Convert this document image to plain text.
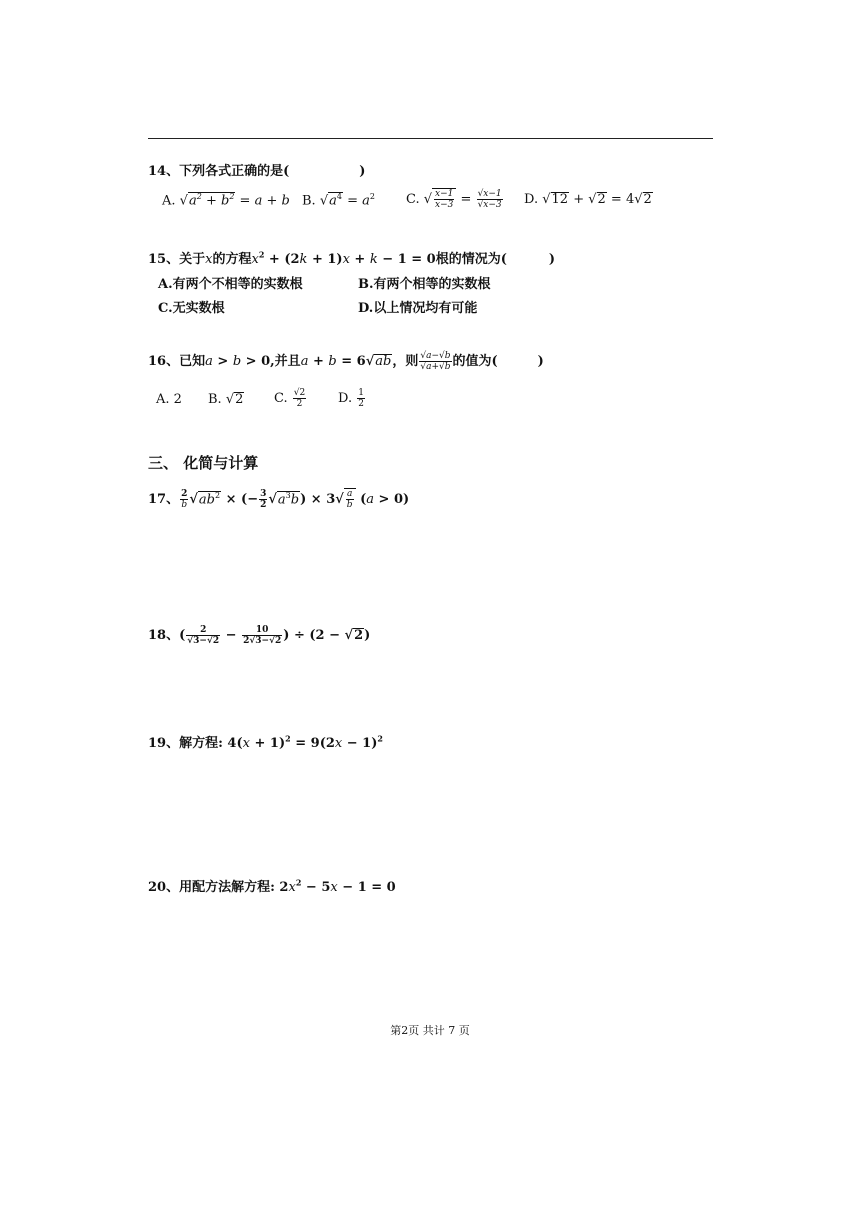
14、下列各式正确的是(	)
A. $√a^2 + b^2 = a + b$ B. $√a^4 = a^2$ C. √ $\frac{x-1}{x-3} = \frac{√x-1}{√x-3} D$. √12 + √2 = 4√2
15、关于x的方程$x^2 + (2k + 1)x + k - 1 = 0$根的情况为(	)
A.有两个不相等的实数根	B.有两个相等的实数根
C.无实数根	D.以上情况均有可能
16、已知a > b > 0,并且a + b = 6√ab，则 $\frac{√a-√b}{√a+√b}$ 的值为(	)
A. 2 B. √2 C. $\frac{√2}{2} D$. $\frac{1}{2}$
三、 化简与计算
17、 $\frac{2}{b} √ab^2$ × (− $\frac{3}{2} √a^3b) \times 3√ \frac{a}{b} (a > 0)$
18、( $\frac{2}{√3-√2} - \frac{10}{2√3-√2}$ ) ÷ (2 − √2)
19、解方程: $4(x + 1)^2 = 9(2x - 1)^2$
20、用配方法解方程: $2x^2 - 5x - 1 = 0$
第2页 共计 7 页
